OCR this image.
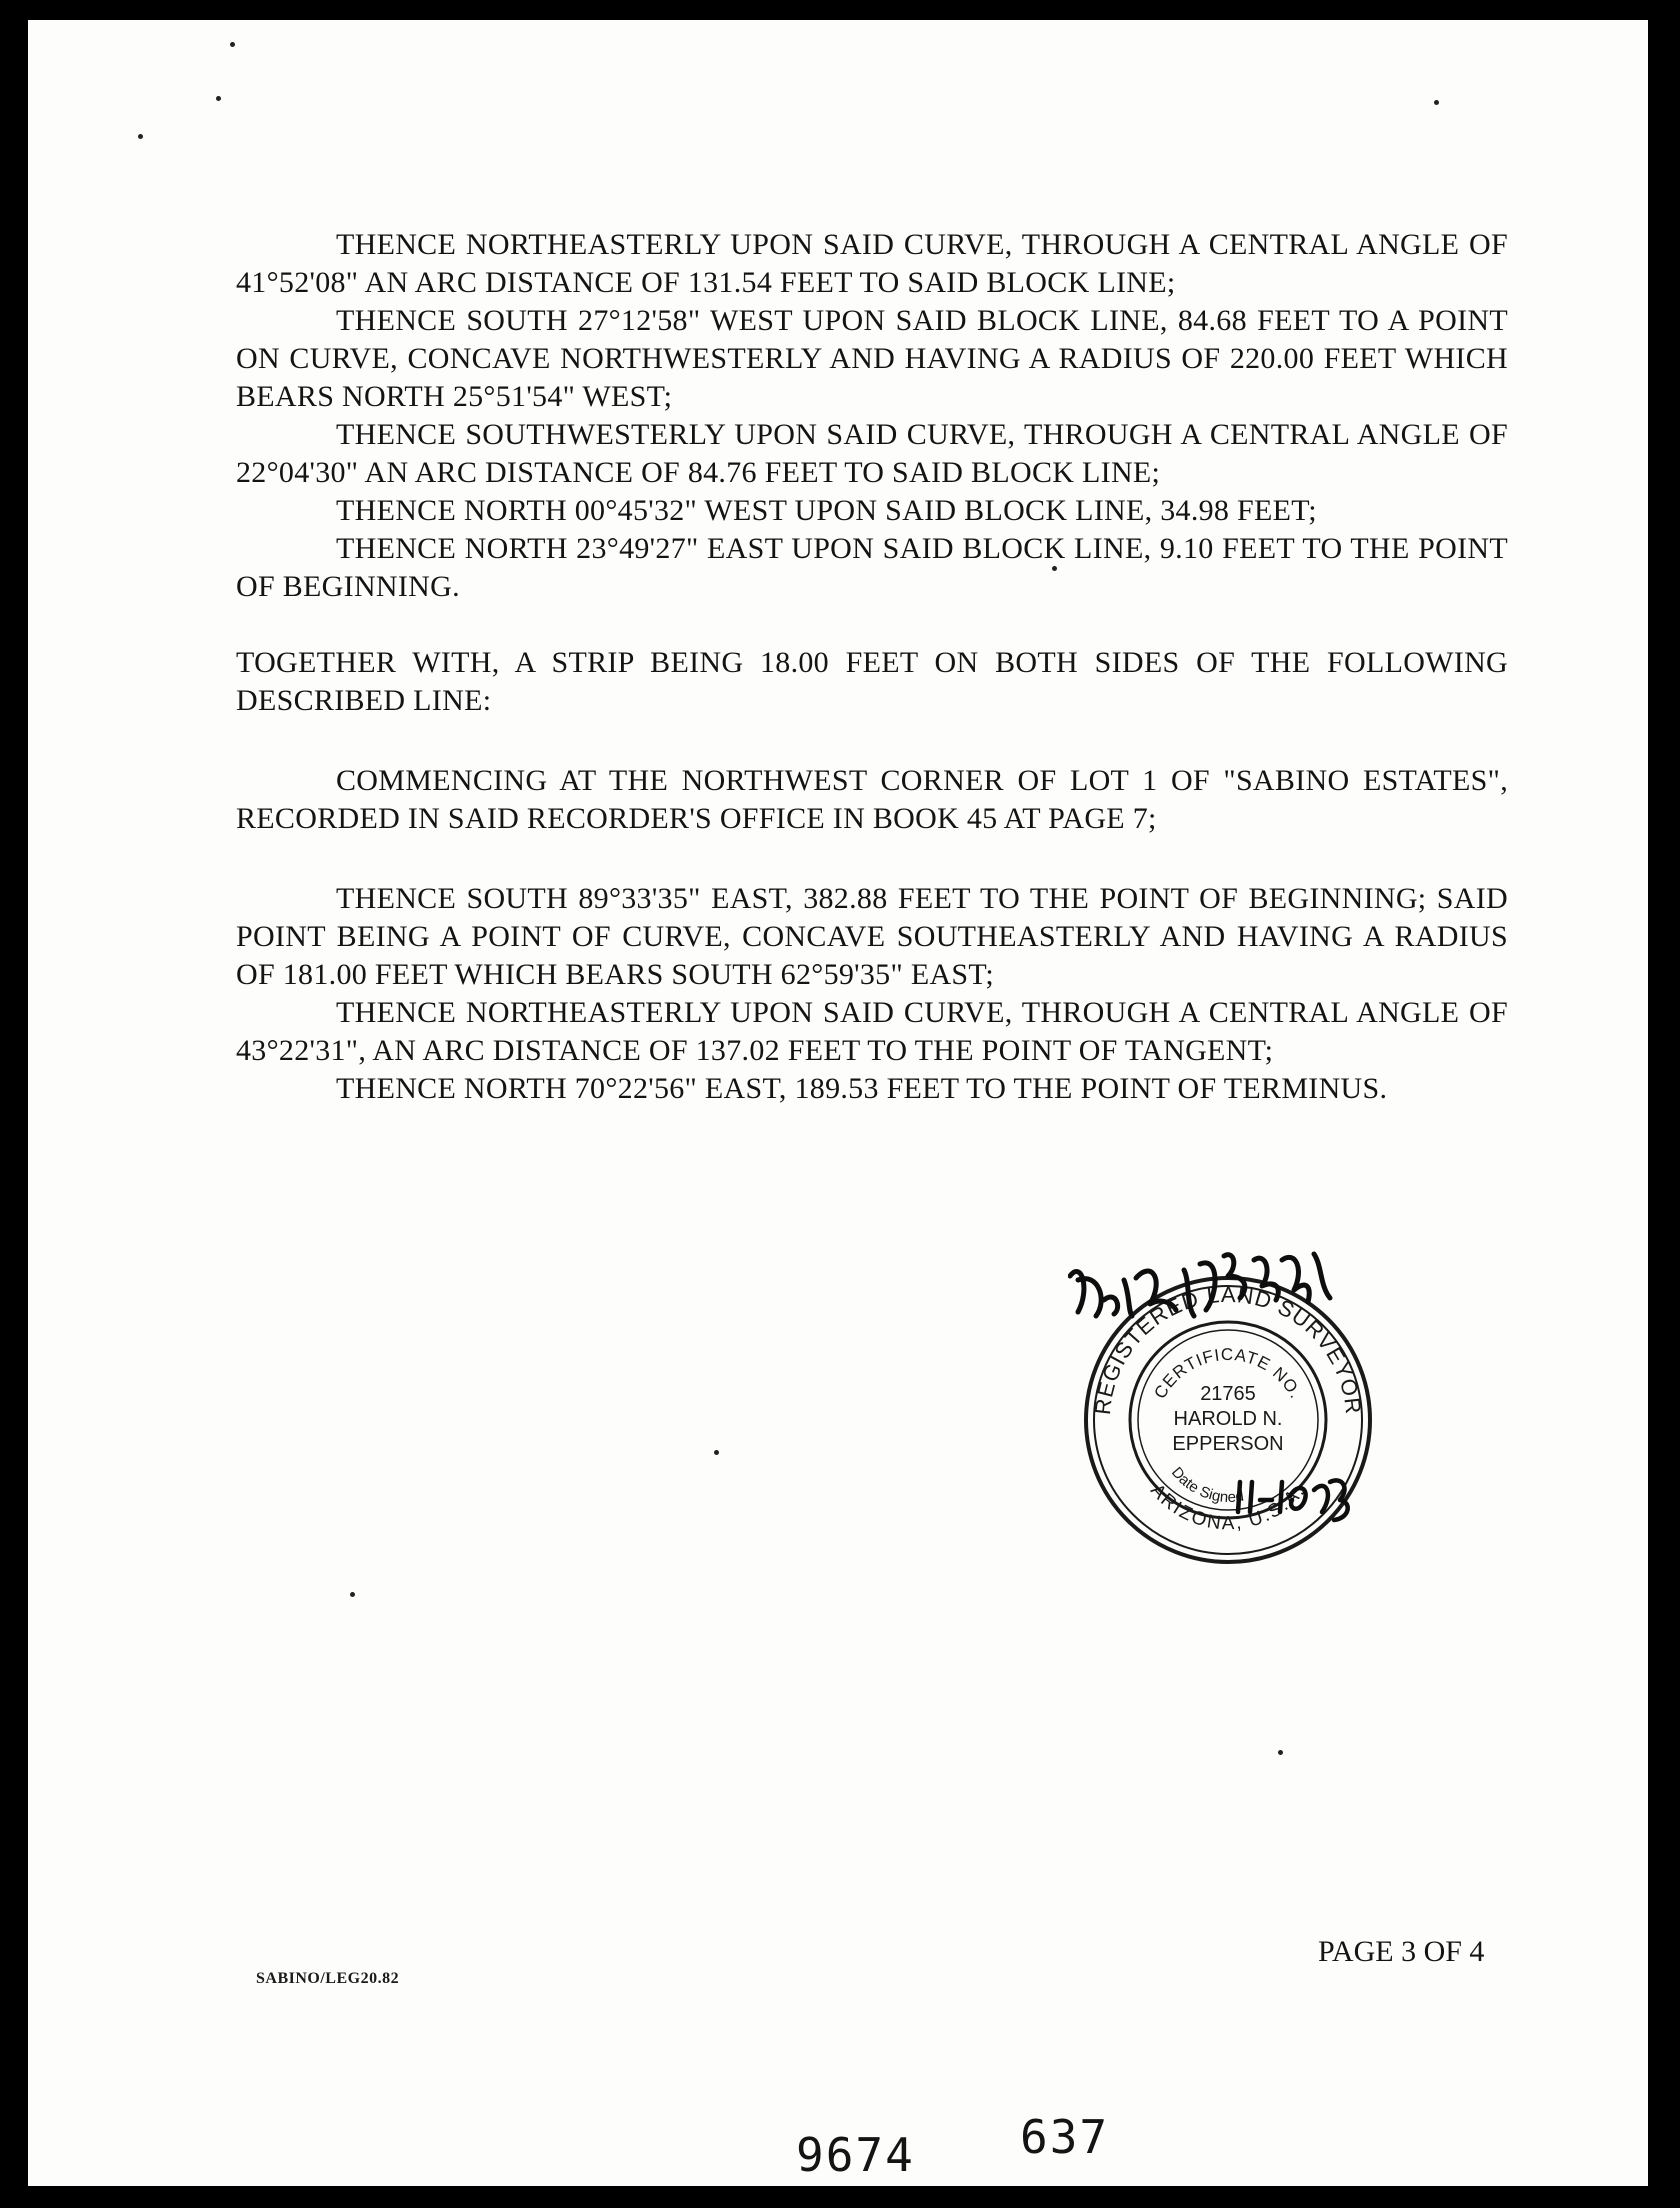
THENCE NORTHEASTERLY UPON SAID CURVE, THROUGH A CENTRAL ANGLE OF 41°52'08" AN ARC DISTANCE OF 131.54 FEET TO SAID BLOCK LINE;

THENCE SOUTH 27°12'58" WEST UPON SAID BLOCK LINE, 84.68 FEET TO A POINT ON CURVE, CONCAVE NORTHWESTERLY AND HAVING A RADIUS OF 220.00 FEET WHICH BEARS NORTH 25°51'54" WEST;

THENCE SOUTHWESTERLY UPON SAID CURVE, THROUGH A CENTRAL ANGLE OF 22°04'30" AN ARC DISTANCE OF 84.76 FEET TO SAID BLOCK LINE;

THENCE NORTH 00°45'32" WEST UPON SAID BLOCK LINE, 34.98 FEET;

THENCE NORTH 23°49'27" EAST UPON SAID BLOCK LINE, 9.10 FEET TO THE POINT OF BEGINNING.

TOGETHER WITH, A STRIP BEING 18.00 FEET ON BOTH SIDES OF THE FOLLOWING DESCRIBED LINE:

COMMENCING AT THE NORTHWEST CORNER OF LOT 1 OF "SABINO ESTATES", RECORDED IN SAID RECORDER'S OFFICE IN BOOK 45 AT PAGE 7;

THENCE SOUTH 89°33'35" EAST, 382.88 FEET TO THE POINT OF BEGINNING; SAID POINT BEING A POINT OF CURVE, CONCAVE SOUTHEASTERLY AND HAVING A RADIUS OF 181.00 FEET WHICH BEARS SOUTH 62°59'35" EAST;

THENCE NORTHEASTERLY UPON SAID CURVE, THROUGH A CENTRAL ANGLE OF 43°22'31", AN ARC DISTANCE OF 137.02 FEET TO THE POINT OF TANGENT;

THENCE NORTH 70°22'56" EAST, 189.53 FEET TO THE POINT OF TERMINUS.

REGISTERED LAND SURVEYOR
ARIZONA, U.S.A.
CERTIFICATE NO.
Date Signed
21765
HAROLD N.
EPPERSON
SABINO/LEG20.82
PAGE 3 OF 4
9674 637
